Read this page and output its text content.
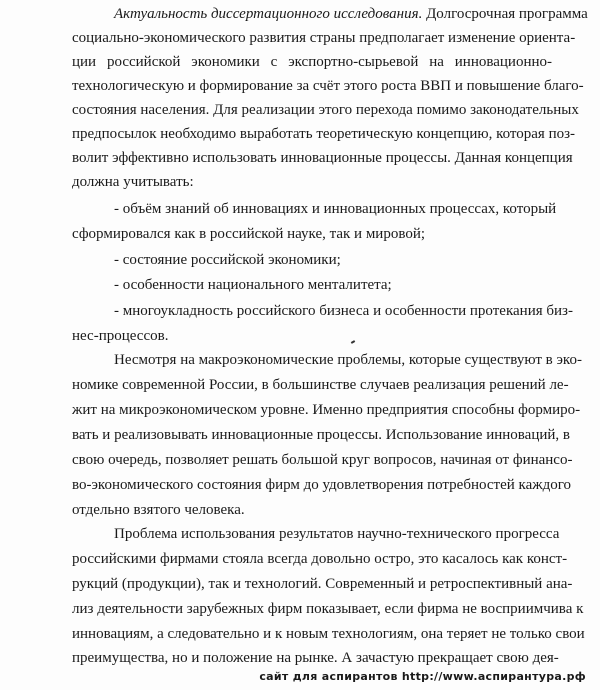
Актуальность диссертационного исследования. Долгосрочная программа

социально-экономического развития страны предполагает изменение ориента-

ции российской экономики с экспортно-сырьевой на инновационно-

технологическую и формирование за счёт этого роста ВВП и повышение благо-

состояния населения. Для реализации этого перехода помимо законодательных

предпосылок необходимо выработать теоретическую концепцию, которая поз-

волит эффективно использовать инновационные процессы. Данная концепция

должна учитывать:

- объём знаний об инновациях и инновационных процессах, который

сформировался как в российской науке, так и мировой;

- состояние российской экономики;

- особенности национального менталитета;

- многоукладность российского бизнеса и особенности протекания биз-

нес-процессов.

Несмотря на макроэкономические проблемы, которые существуют в эко-

номике современной России, в большинстве случаев реализация решений ле-

жит на микроэкономическом уровне. Именно предприятия способны формиро-

вать и реализовывать инновационные процессы. Использование инноваций, в

свою очередь, позволяет решать большой круг вопросов, начиная от финансо-

во-экономического состояния фирм до удовлетворения потребностей каждого

отдельно взятого человека.

Проблема использования результатов научно-технического прогресса

российскими фирмами стояла всегда довольно остро, это касалось как конст-

рукций (продукции), так и технологий. Современный и ретроспективный ана-

лиз деятельности зарубежных фирм показывает, если фирма не восприимчива к

инновациям, а следовательно и к новым технологиям, она теряет не только свои

преимущества, но и положение на рынке. А зачастую прекращает свою дея-

сайт для аспирантов http://www.аспирантура.рф
